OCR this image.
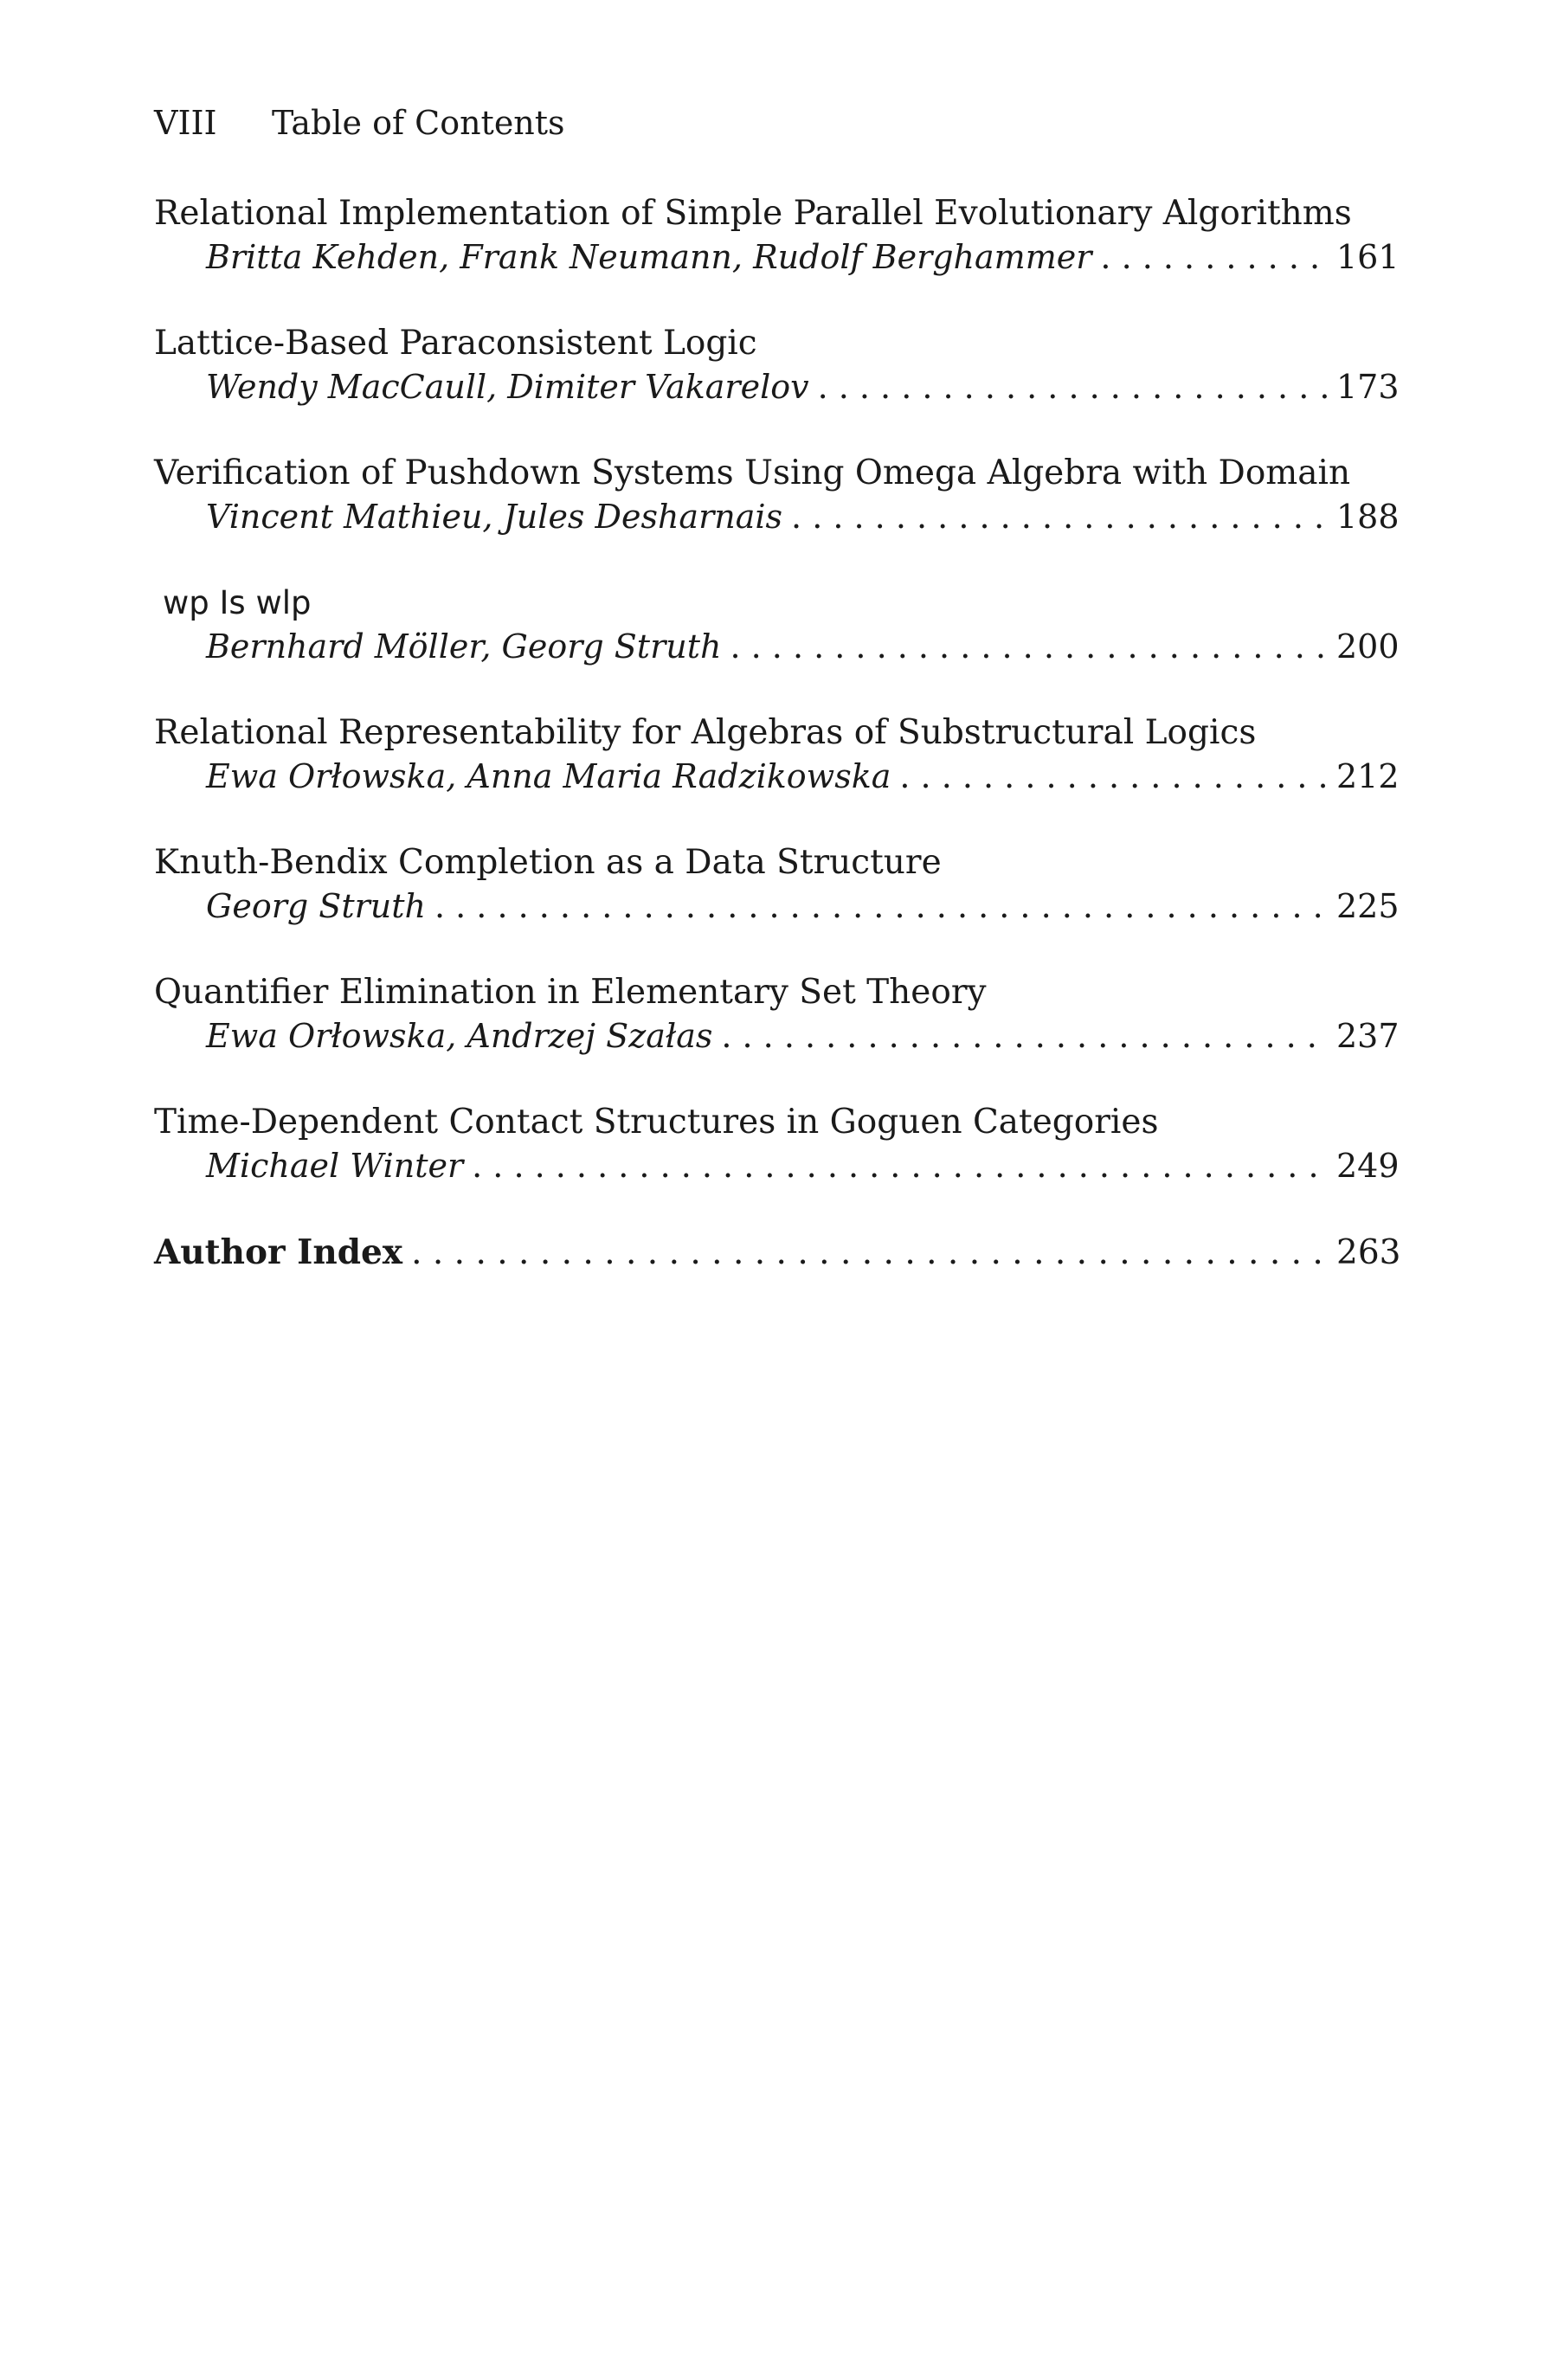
VIII Table of Contents
Relational Implementation of Simple Parallel Evolutionary Algorithms
Britta Kehden, Frank Neumann, Rudolf Berghammer . . .	161
Lattice-Based Paraconsistent Logic
Wendy MacCaull, Dimiter Vakarelov . . .	173
Verification of Pushdown Systems Using Omega Algebra with Domain
Vincent Mathieu, Jules Desharnais . . .	188
wp Is wlp
Bernhard Möller, Georg Struth . . .	200
Relational Representability for Algebras of Substructural Logics
Ewa Orłowska, Anna Maria Radzikowska . . .	212
Knuth-Bendix Completion as a Data Structure
Georg Struth . . .	225
Quantifier Elimination in Elementary Set Theory
Ewa Orłowska, Andrzej Szałas . . .	237
Time-Dependent Contact Structures in Goguen Categories
Michael Winter . . .	249
Author Index . . .	263
